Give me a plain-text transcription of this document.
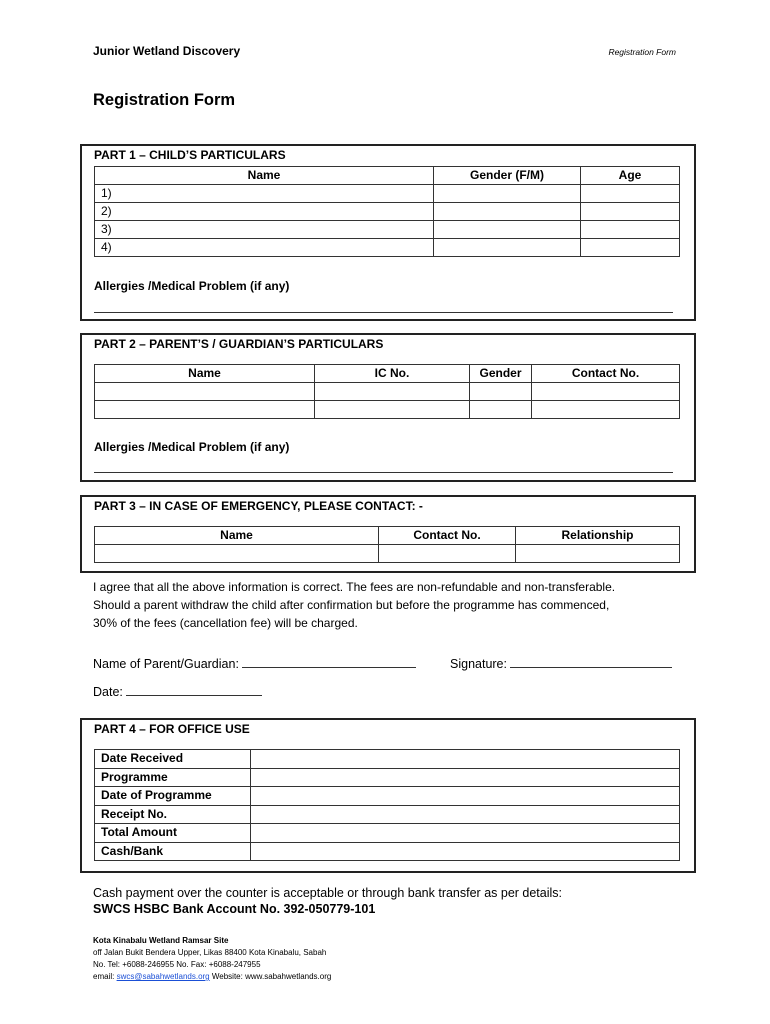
Junior Wetland Discovery	Registration Form
Registration Form
PART 1 – CHILD’S PARTICULARS
Name	Gender (F/M)	Age
1)		
2)		
3)		
4)		
Allergies /Medical Problem (if any)
PART 2 – PARENT’S / GUARDIAN’S PARTICULARS
Name	IC No.	Gender	Contact No.

Allergies /Medical Problem (if any)
PART 3 – IN CASE OF EMERGENCY, PLEASE CONTACT: -
Name	Contact No.	Relationship

I agree that all the above information is correct. The fees are non-refundable and non-transferable.
Should a parent withdraw the child after confirmation but before the programme has commenced,
30% of the fees (cancellation fee) will be charged.
Name of Parent/Guardian:	Signature:
Date:
PART 4 – FOR OFFICE USE
Date Received	
Programme	
Date of Programme	
Receipt No.	
Total Amount	
Cash/Bank	
Cash payment over the counter is acceptable or through bank transfer as per details:
SWCS HSBC Bank Account No. 392-050779-101
Kota Kinabalu Wetland Ramsar Site
off Jalan Bukit Bendera Upper, Likas 88400 Kota Kinabalu, Sabah
No. Tel: +6088-246955 No. Fax: +6088-247955
email: swcs@sabahwetlands.org Website: www.sabahwetlands.org
